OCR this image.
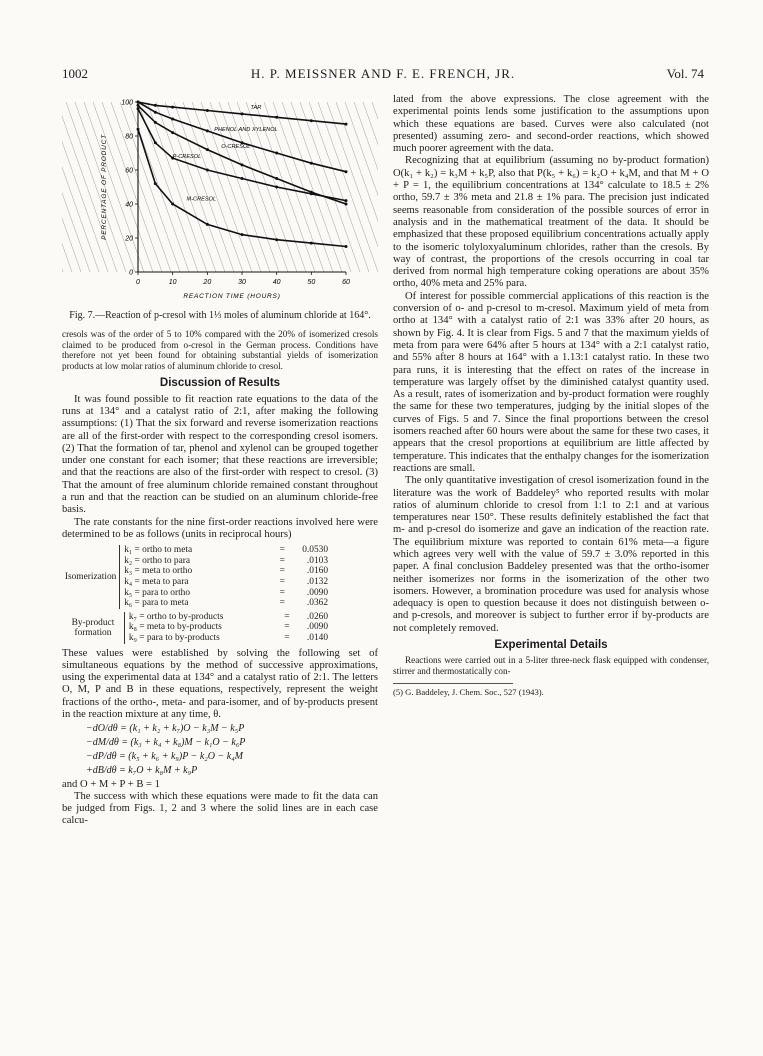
1002	H. P. MEISSNER AND F. E. FRENCH, JR.	Vol. 74
0	10	20	30	40	50	60
0
20
40
60
80
100
REACTION TIME (HOURS)
PERCENTAGE OF PRODUCT
TAR
PHENOL AND XYLENOL
O-CRESOL
P-CRESOL
M-CRESOL
Fig. 7.—Reaction of p-cresol with 1⅓ moles of aluminum chloride at 164°.

cresols was of the order of 5 to 10% compared with the 20% of isomerized cresols claimed to be produced from o-cresol in the German process. Conditions have therefore not yet been found for obtaining substantial yields of isomerization products at low molar ratios of aluminum chloride to cresol.

Discussion of Results

It was found possible to fit reaction rate equations to the data of the runs at 134° and a catalyst ratio of 2:1, after making the following assumptions: (1) That the six forward and reverse isomerization reactions are all of the first-order with respect to the corresponding cresol isomers. (2) That the formation of tar, phenol and xylenol can be grouped together under one constant for each isomer; that these reactions are irreversible; and that the reactions are also of the first-order with respect to cresol. (3) That the amount of free aluminum chloride remained constant throughout a run and that the reaction can be studied on an aluminum chloride-free basis.

The rate constants for the nine first-order reactions involved here were determined to be as follows (units in reciprocal hours)

Isomerization
k₁ = ortho to meta	=	0.0530
k₂ = ortho to para	=	.0103
k₃ = meta to ortho	=	.0160
k₄ = meta to para	=	.0132
k₅ = para to ortho	=	.0090
k₆ = para to meta	=	.0362
By-product formation
k₇ = ortho to by-products	=	.0260
k₈ = meta to by-products	=	.0090
k₉ = para to by-products	=	.0140

These values were established by solving the following set of simultaneous equations by the method of successive approximations, using the experimental data at 134° and a catalyst ratio of 2:1. The letters O, M, P and B in these equations, respectively, represent the weight fractions of the ortho-, meta- and para-isomer, and of by-products present in the reaction mixture at any time, θ.

−dO/dθ = (k₁ + k₂ + k₇)O − k₃M − k₅P
−dM/dθ = (k₃ + k₄ + k₈)M − k₁O − k₆P
−dP/dθ = (k₅ + k₆ + k₉)P − k₂O − k₄M
+dB/dθ = k₇O + k₈M + k₉P

and O + M + P + B = 1

The success with which these equations were made to fit the data can be judged from Figs. 1, 2 and 3 where the solid lines are in each case calcu-

lated from the above expressions. The close agreement with the experimental points lends some justification to the assumptions upon which these equations are based. Curves were also calculated (not presented) assuming zero- and second-order reactions, which showed much poorer agreement with the data.

Recognizing that at equilibrium (assuming no by-product formation) O(k₁ + k₂) = k₃M + k₅P, also that P(k₅ + k₆) = k₂O + k₄M, and that M + O + P = 1, the equilibrium concentrations at 134° calculate to 18.5 ± 2% ortho, 59.7 ± 3% meta and 21.8 ± 1% para. The precision just indicated seems reasonable from consideration of the possible sources of error in analysis and in the mathematical treatment of the data. It should be emphasized that these proposed equilibrium concentrations actually apply to the isomeric tolyloxyaluminum chlorides, rather than the cresols. By way of contrast, the proportions of the cresols occurring in coal tar derived from normal high temperature coking operations are about 35% ortho, 40% meta and 25% para.

Of interest for possible commercial applications of this reaction is the conversion of o- and p-cresol to m-cresol. Maximum yield of meta from ortho at 134° with a catalyst ratio of 2:1 was 33% after 20 hours, as shown by Fig. 4. It is clear from Figs. 5 and 7 that the maximum yields of meta from para were 64% after 5 hours at 134° with a 2:1 catalyst ratio, and 55% after 8 hours at 164° with a 1.13:1 catalyst ratio. In these two para runs, it is interesting that the effect on rates of the increase in temperature was largely offset by the diminished catalyst quantity used. As a result, rates of isomerization and by-product formation were roughly the same for these two temperatures, judging by the initial slopes of the curves of Figs. 5 and 7. Since the final proportions between the cresol isomers reached after 60 hours were about the same for these two cases, it appears that the cresol proportions at equilibrium are little affected by temperature. This indicates that the enthalpy changes for the isomerization reactions are small.

The only quantitative investigation of cresol isomerization found in the literature was the work of Baddeley⁵ who reported results with molar ratios of aluminum chloride to cresol from 1:1 to 2:1 and at various temperatures near 150°. These results definitely established the fact that m- and p-cresol do isomerize and gave an indication of the reaction rate. The equilibrium mixture was reported to contain 61% meta—a figure which agrees very well with the value of 59.7 ± 3.0% reported in this paper. A final conclusion Baddeley presented was that the ortho-isomer neither isomerizes nor forms in the isomerization of the other two isomers. However, a bromination procedure was used for analysis whose adequacy is open to question because it does not distinguish between o- and p-cresols, and moreover is subject to further error if by-products are not completely removed.

Experimental Details

Reactions were carried out in a 5-liter three-neck flask equipped with condenser, stirrer and thermostatically con-

(5) G. Baddeley, J. Chem. Soc., 527 (1943).
